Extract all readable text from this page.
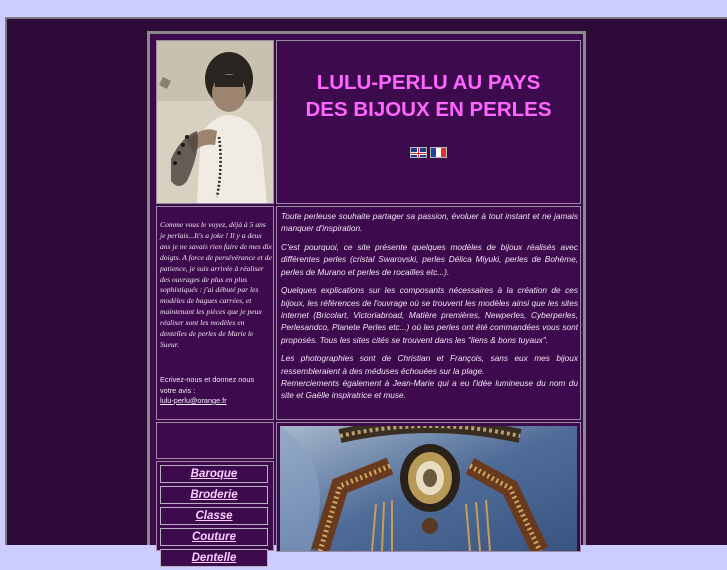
LULU-PERLU AU PAYS
DES BIJOUX EN PERLES
Comme vous le voyez, déjà à 5 ans je perlais...It's a joke ! Il y a deux ans je ne savais rien faire de mes dix doigts. A force de persévérance et de patience, je suis arrivée à réaliser des ouvrages de plus en plus sophistiqués : j'ai débuté par les modèles de bagues carrées, et maintenant les pièces que je peux réaliser sont les modèles en dentelles de perles de Marie le Sueur.
Ecrivez-nous et donnez nous votre avis :
lulu-perlu@orange.fr

Toute perleuse souhaite partager sa passion, évoluer à tout instant et ne jamais manquer d'inspiration.

C'est pourquoi, ce site présente quelques modèles de bijoux réalisés avec différentes perles (cristal Swarovski, perles Délica Miyuki, perles de Bohème, perles de Murano et perles de rocailles etc...).

Quelques explications sur les composants nécessaires à la création de ces bijoux, les références de l'ouvrage où se trouvent les modèles ainsi que les sites internet (Bricolart, Victoriabroad, Matière premières, Newperles, Cyberperles, Perlesandco, Planete Perles etc...) où les perles ont été commandées vous sont proposés. Tous les sites cités se trouvent dans les "liens & bons tuyaux".

Les photographies sont de Christian et François, sans eux mes bijoux ressembleraient à des méduses échouées sur la plage.

Remerciements également à Jean-Marie qui a eu l'idée lumineuse du nom du site et Gaëlle inspiratrice et muse.

Baroque
Broderie
Classe
Couture
Dentelle
